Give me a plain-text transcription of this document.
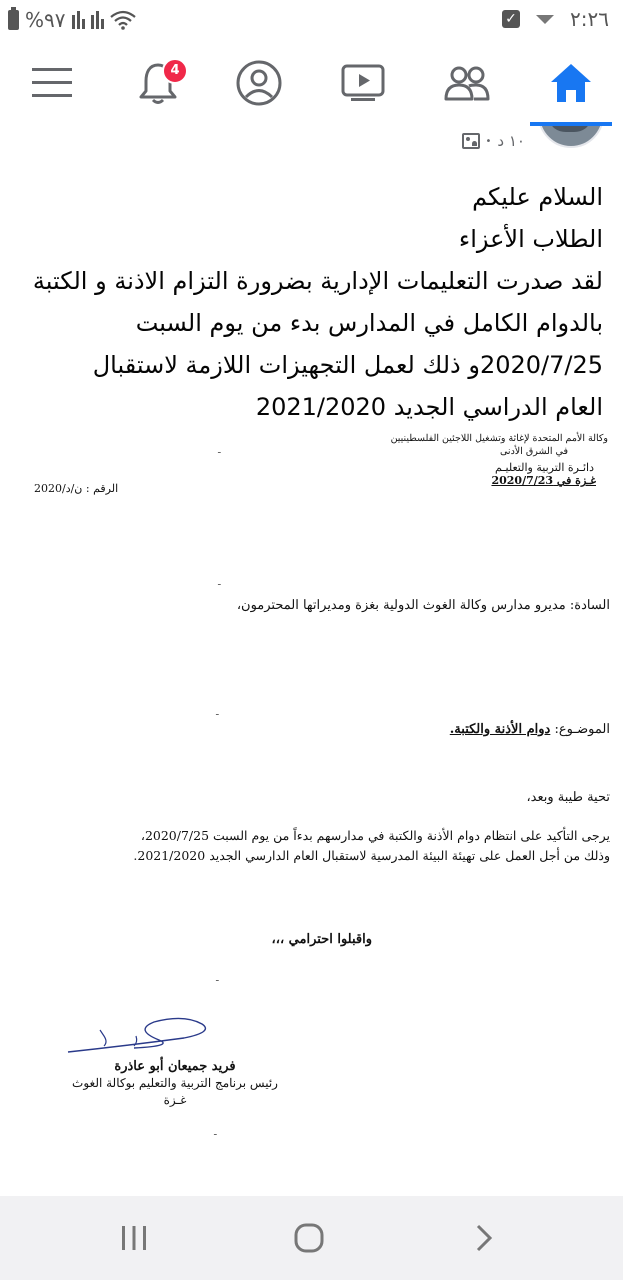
%٩٧	✓	٢:٢٦
4
١٠ د
•

السلام عليكم

الطلاب الأعزاء

لقد صدرت التعليمات الإدارية بضرورة التزام الاذنة و الكتبة

بالدوام الكامل في المدارس بدء من يوم السبت

2020/7/25و ذلك لعمل التجهيزات اللازمة لاستقبال

العام الدراسي الجديد 2021/2020

وكالة الأمم المتحدة لإغاثة وتشغيل اللاجئين الفلسطينيين
في الشرق الأدنى
دائـرة التربية والتعليـم
غـزة في 2020/7/23
ـ
الرقم : ن/د/2020
ـ
السادة: مديرو مدارس وكالة الغوث الدولية بغزة ومديراتها المحترمون،
ـ
الموضـوع: دوام الأذنة والكتبة.
تحية طيبة وبعد،
يرجى التأكيد على انتظام دوام الأذنة والكتبة في مدارسهم بدءاً من يوم السبت 2020/7/25،
وذلك من أجل العمل على تهيئة البيئة المدرسية لاستقبال العام الدارسي الجديد 2021/2020.
واقبلوا احترامي ،،،
ـ
فريد جميعان أبو عاذرة
رئيس برنامج التربية والتعليم بوكالة الغوث
غـزة
ـ
